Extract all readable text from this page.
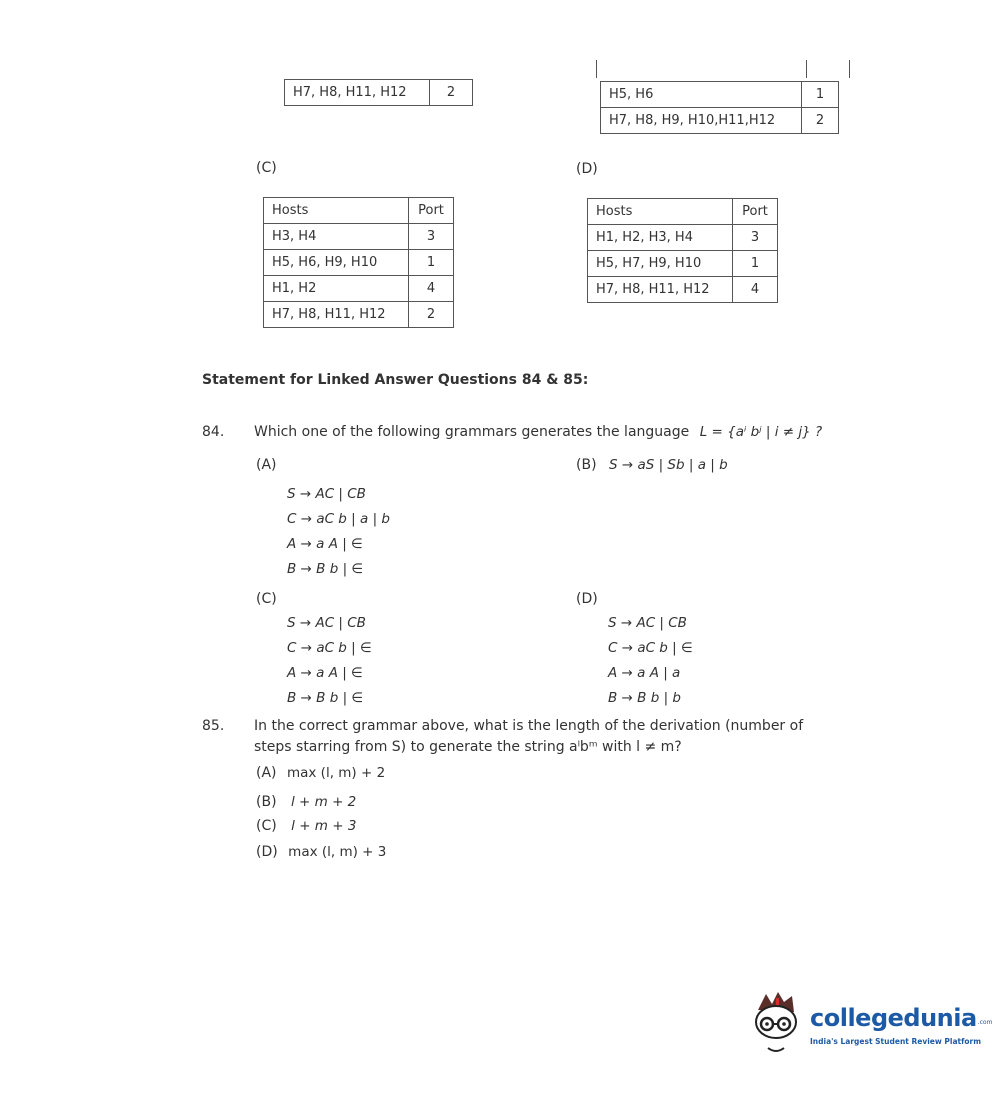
H7, H8, H11, H12	2
		H5, H6	1
H7, H8, H9, H10,H11,H12	2
(C)	(D)
Hosts	Port
H3, H4	3
H5, H6, H9, H10	1
H1, H2	4
H7, H8, H11, H12	2
Hosts	Port
H1, H2, H3, H4	3
H5, H7, H9, H10	1
H7, H8, H11, H12	4
Statement for Linked Answer Questions 84 & 85:
84. Which one of the following grammars generates the language L = {aⁱ bʲ | i ≠ j} ?
(A)	(B) S → aS | Sb | a | b
S → AC | CB
C → aC b | a | b
A → a A | ∈
B → B b | ∈
(C)	(D)
S → AC | CB
C → aC b | ∈
A → a A | ∈
B → B b | ∈
S → AC | CB
C → aC b | ∈
A → a A | a
B → B b | b
85. In the correct grammar above, what is the length of the derivation (number of
steps starring from S) to generate the string aˡbᵐ with l ≠ m?
(A) max (l, m) + 2
(B) l + m + 2
(C) l + m + 3
(D) max (l, m) + 3
collegedunia.com
India's Largest Student Review Platform
